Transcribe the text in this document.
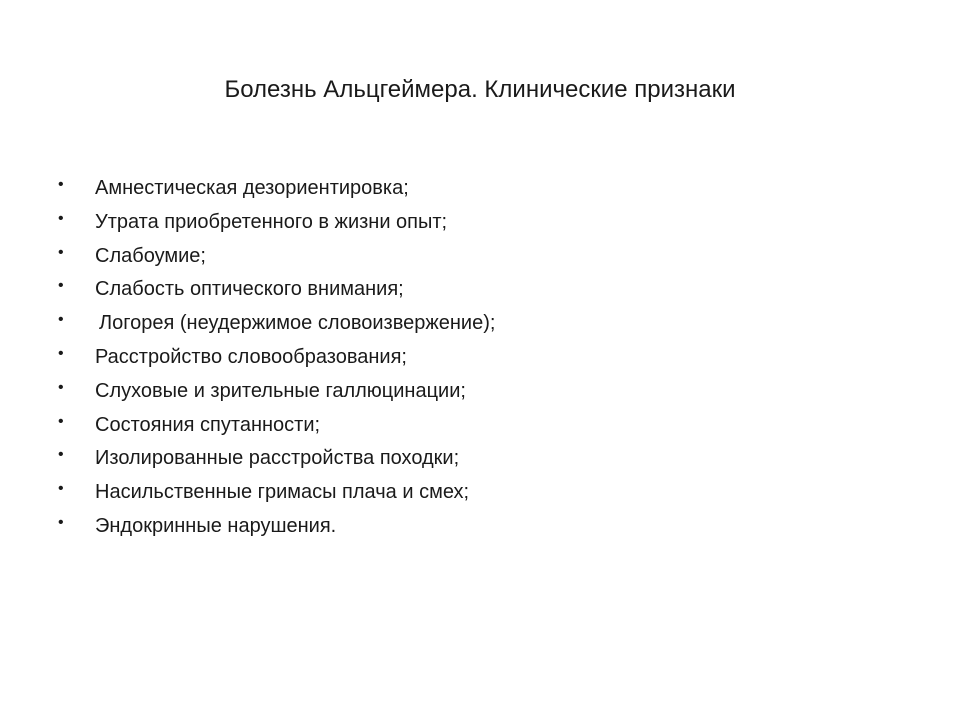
Болезнь Альцгеймера. Клинические признаки
• Амнестическая дезориентировка;
• Утрата приобретенного в жизни опыт;
• Слабоумие;
• Слабость оптического внимания;
• Логорея (неудержимое словоизвержение);
• Расстройство словообразования;
• Слуховые и зрительные галлюцинации;
• Состояния спутанности;
• Изолированные расстройства походки;
• Насильственные гримасы плача и смех;
• Эндокринные нарушения.
